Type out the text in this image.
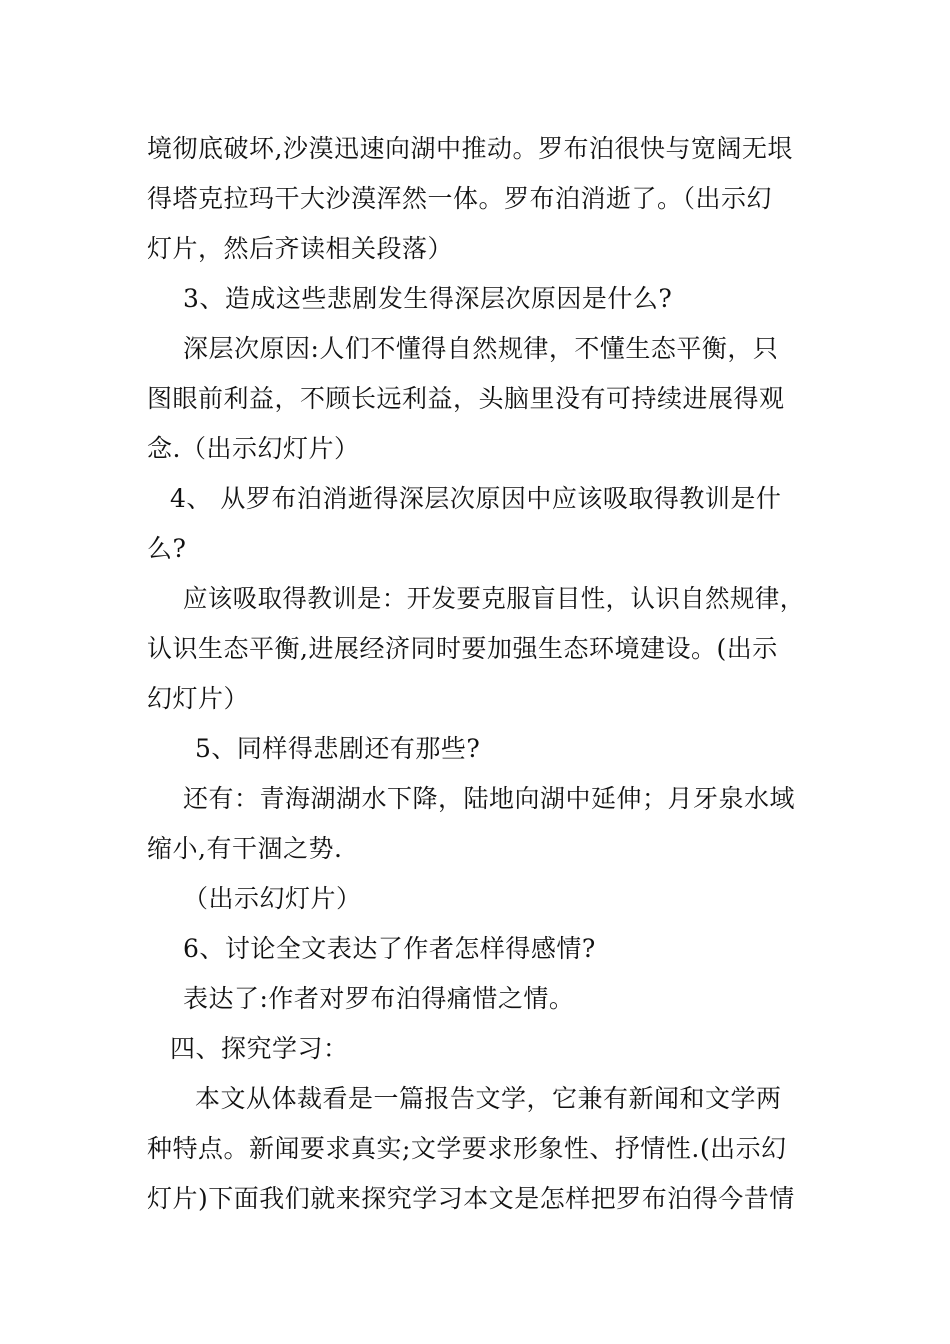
境彻底破坏,沙漠迅速向湖中推动。罗布泊很快与宽阔无垠
得塔克拉玛干大沙漠浑然一体。罗布泊消逝了。（出示幻
灯片，然后齐读相关段落）
3、造成这些悲剧发生得深层次原因是什么?
深层次原因:人们不懂得自然规律，不懂生态平衡，只
图眼前利益，不顾长远利益，头脑里没有可持续进展得观
念.（出示幻灯片）
4、 从罗布泊消逝得深层次原因中应该吸取得教训是什
么?
应该吸取得教训是：开发要克服盲目性，认识自然规律，
认识生态平衡,进展经济同时要加强生态环境建设。(出示
幻灯片）
5、同样得悲剧还有那些?
还有：青海湖湖水下降，陆地向湖中延伸；月牙泉水域
缩小,有干涸之势.
（出示幻灯片）
6、讨论全文表达了作者怎样得感情?
表达了:作者对罗布泊得痛惜之情。
四、探究学习：
本文从体裁看是一篇报告文学，它兼有新闻和文学两
种特点。新闻要求真实;文学要求形象性、抒情性.(出示幻
灯片)下面我们就来探究学习本文是怎样把罗布泊得今昔情
